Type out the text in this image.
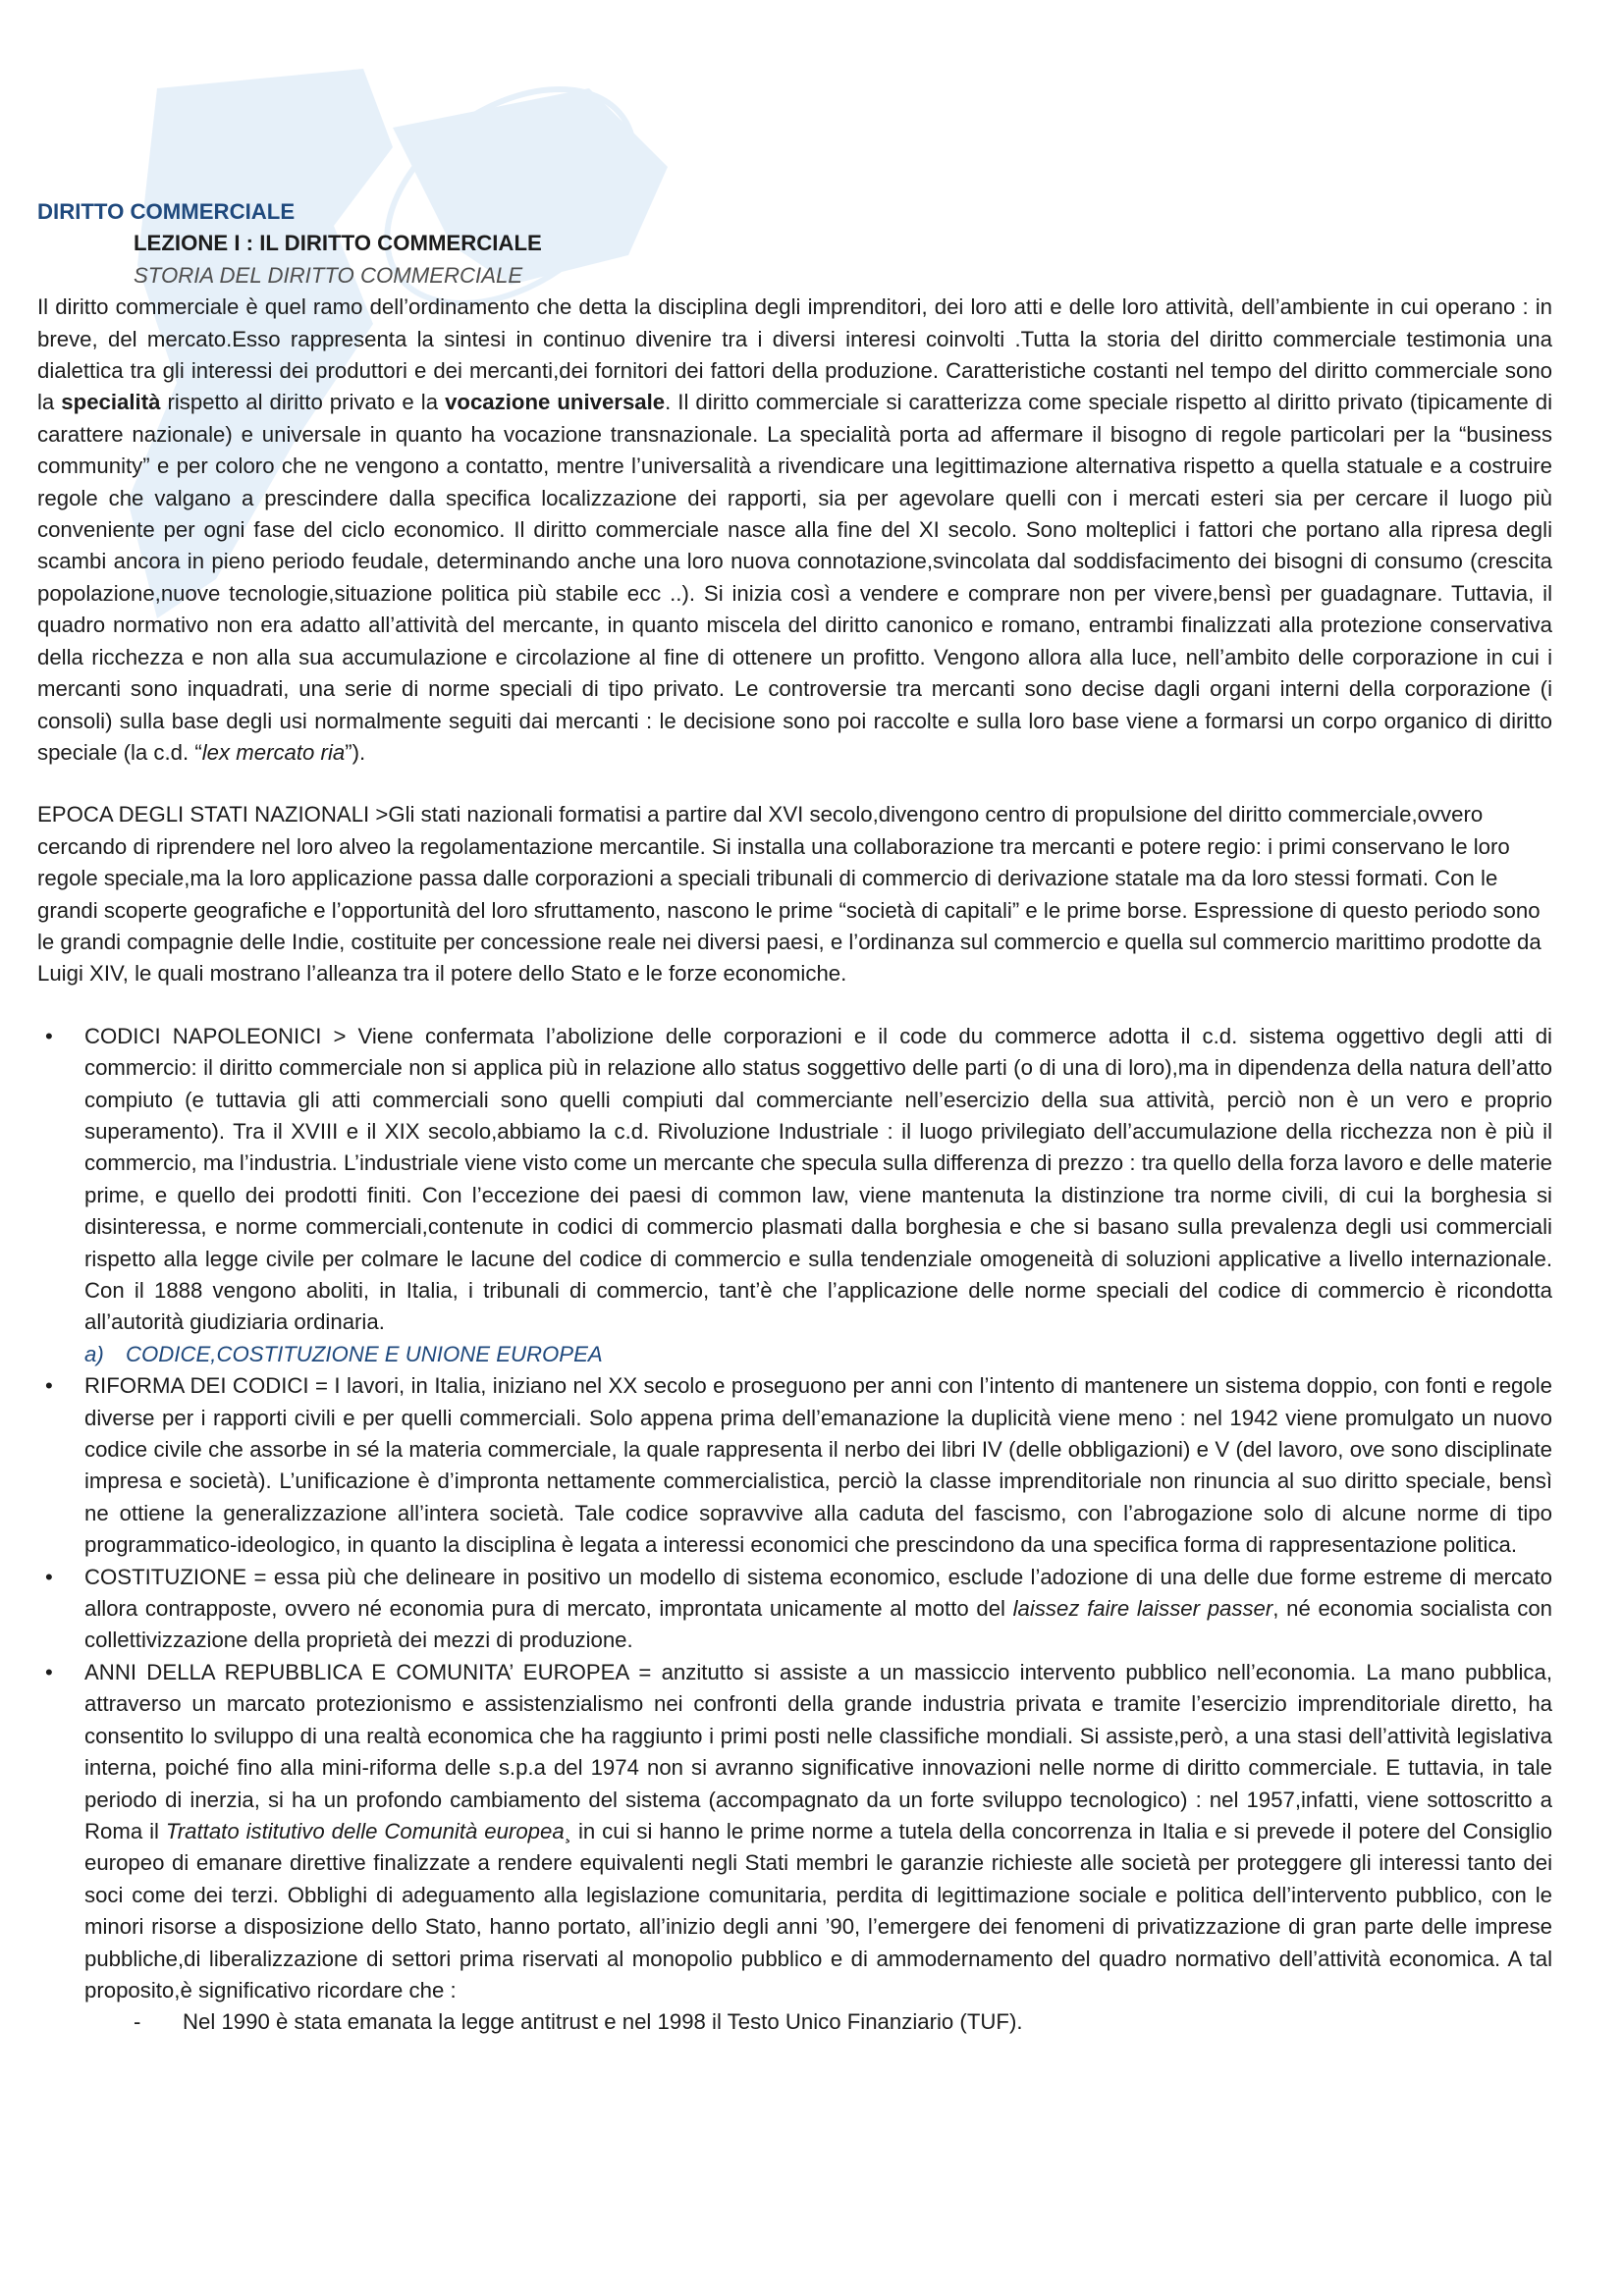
DIRITTO COMMERCIALE

LEZIONE I : IL DIRITTO COMMERCIALE

STORIA DEL DIRITTO COMMERCIALE

Il diritto commerciale è quel ramo dell’ordinamento che detta la disciplina degli imprenditori, dei loro atti e delle loro attività, dell’ambiente in cui operano : in breve, del mercato.Esso rappresenta la sintesi in continuo divenire tra i diversi interesi coinvolti .Tutta la storia del diritto commerciale testimonia una dialettica tra gli interessi dei produttori e dei mercanti,dei fornitori dei fattori della produzione. Caratteristiche costanti nel tempo del diritto commerciale sono la specialità rispetto al diritto privato e la vocazione universale. Il diritto commerciale si caratterizza come speciale rispetto al diritto privato (tipicamente di carattere nazionale) e universale in quanto ha vocazione transnazionale. La specialità porta ad affermare il bisogno di regole particolari per la “business community” e per coloro che ne vengono a contatto, mentre l’universalità a rivendicare una legittimazione alternativa rispetto a quella statuale e a costruire regole che valgano a prescindere dalla specifica localizzazione dei rapporti, sia per agevolare quelli con i mercati esteri sia per cercare il luogo più conveniente per ogni fase del ciclo economico. Il diritto commerciale nasce alla fine del XI secolo. Sono molteplici i fattori che portano alla ripresa degli scambi ancora in pieno periodo feudale, determinando anche una loro nuova connotazione,svincolata dal soddisfacimento dei bisogni di consumo (crescita popolazione,nuove tecnologie,situazione politica più stabile ecc ..). Si inizia così a vendere e comprare non per vivere,bensì per guadagnare. Tuttavia, il quadro normativo non era adatto all’attività del mercante, in quanto miscela del diritto canonico e romano, entrambi finalizzati alla protezione conservativa della ricchezza e non alla sua accumulazione e circolazione al fine di ottenere un profitto. Vengono allora alla luce, nell’ambito delle corporazione in cui i mercanti sono inquadrati, una serie di norme speciali di tipo privato. Le controversie tra mercanti sono decise dagli organi interni della corporazione (i consoli) sulla base degli usi normalmente seguiti dai mercanti : le decisione sono poi raccolte e sulla loro base viene a formarsi un corpo organico di diritto speciale (la c.d. “lex mercato ria”).

EPOCA DEGLI STATI NAZIONALI >Gli stati nazionali formatisi a partire dal XVI secolo,divengono centro di propulsione del diritto commerciale,ovvero cercando di riprendere nel loro alveo la regolamentazione mercantile. Si installa una collaborazione tra mercanti e potere regio: i primi conservano le loro regole speciale,ma la loro applicazione passa dalle corporazioni a speciali tribunali di commercio di derivazione statale ma da loro stessi formati. Con le grandi scoperte geografiche e l’opportunità del loro sfruttamento, nascono le prime “società di capitali” e le prime borse. Espressione di questo periodo sono le grandi compagnie delle Indie, costituite per concessione reale nei diversi paesi, e l’ordinanza sul commercio e quella sul commercio marittimo prodotte da Luigi XIV, le quali mostrano l’alleanza tra il potere dello Stato e le forze economiche.

• CODICI NAPOLEONICI > Viene confermata l’abolizione delle corporazioni e il code du commerce adotta il c.d. sistema oggettivo degli atti di commercio: il diritto commerciale non si applica più in relazione allo status soggettivo delle parti (o di una di loro),ma in dipendenza della natura dell’atto compiuto (e tuttavia gli atti commerciali sono quelli compiuti dal commerciante nell’esercizio della sua attività, perciò non è un vero e proprio superamento). Tra il XVIII e il XIX secolo,abbiamo la c.d. Rivoluzione Industriale : il luogo privilegiato dell’accumulazione della ricchezza non è più il commercio, ma l’industria. L’industriale viene visto come un mercante che specula sulla differenza di prezzo : tra quello della forza lavoro e delle materie prime, e quello dei prodotti finiti. Con l’eccezione dei paesi di common law, viene mantenuta la distinzione tra norme civili, di cui la borghesia si disinteressa, e norme commerciali,contenute in codici di commercio plasmati dalla borghesia e che si basano sulla prevalenza degli usi commerciali rispetto alla legge civile per colmare le lacune del codice di commercio e sulla tendenziale omogeneità di soluzioni applicative a livello internazionale. Con il 1888 vengono aboliti, in Italia, i tribunali di commercio, tant’è che l’applicazione delle norme speciali del codice di commercio è ricondotta all’autorità giudiziaria ordinaria.
a) CODICE,COSTITUZIONE E UNIONE EUROPEA
• RIFORMA DEI CODICI = I lavori, in Italia, iniziano nel XX secolo e proseguono per anni con l’intento di mantenere un sistema doppio, con fonti e regole diverse per i rapporti civili e per quelli commerciali. Solo appena prima dell’emanazione la duplicità viene meno : nel 1942 viene promulgato un nuovo codice civile che assorbe in sé la materia commerciale, la quale rappresenta il nerbo dei libri IV (delle obbligazioni) e V (del lavoro, ove sono disciplinate impresa e società). L’unificazione è d’impronta nettamente commercialistica, perciò la classe imprenditoriale non rinuncia al suo diritto speciale, bensì ne ottiene la generalizzazione all’intera società. Tale codice sopravvive alla caduta del fascismo, con l’abrogazione solo di alcune norme di tipo programmatico-ideologico, in quanto la disciplina è legata a interessi economici che prescindono da una specifica forma di rappresentazione politica.
• COSTITUZIONE = essa più che delineare in positivo un modello di sistema economico, esclude l’adozione di una delle due forme estreme di mercato allora contrapposte, ovvero né economia pura di mercato, improntata unicamente al motto del laissez faire laisser passer, né economia socialista con collettivizzazione della proprietà dei mezzi di produzione.
• ANNI DELLA REPUBBLICA E COMUNITA’ EUROPEA = anzitutto si assiste a un massiccio intervento pubblico nell’economia. La mano pubblica, attraverso un marcato protezionismo e assistenzialismo nei confronti della grande industria privata e tramite l’esercizio imprenditoriale diretto, ha consentito lo sviluppo di una realtà economica che ha raggiunto i primi posti nelle classifiche mondiali. Si assiste,però, a una stasi dell’attività legislativa interna, poiché fino alla mini-riforma delle s.p.a del 1974 non si avranno significative innovazioni nelle norme di diritto commerciale. E tuttavia, in tale periodo di inerzia, si ha un profondo cambiamento del sistema (accompagnato da un forte sviluppo tecnologico) : nel 1957,infatti, viene sottoscritto a Roma il Trattato istitutivo delle Comunità europea¸ in cui si hanno le prime norme a tutela della concorrenza in Italia e si prevede il potere del Consiglio europeo di emanare direttive finalizzate a rendere equivalenti negli Stati membri le garanzie richieste alle società per proteggere gli interessi tanto dei soci come dei terzi. Obblighi di adeguamento alla legislazione comunitaria, perdita di legittimazione sociale e politica dell’intervento pubblico, con le minori risorse a disposizione dello Stato, hanno portato, all’inizio degli anni ’90, l’emergere dei fenomeni di privatizzazione di gran parte delle imprese pubbliche,di liberalizzazione di settori prima riservati al monopolio pubblico e di ammodernamento del quadro normativo dell’attività economica. A tal proposito,è significativo ricordare che :
- Nel 1990 è stata emanata la legge antitrust e nel 1998 il Testo Unico Finanziario (TUF).
